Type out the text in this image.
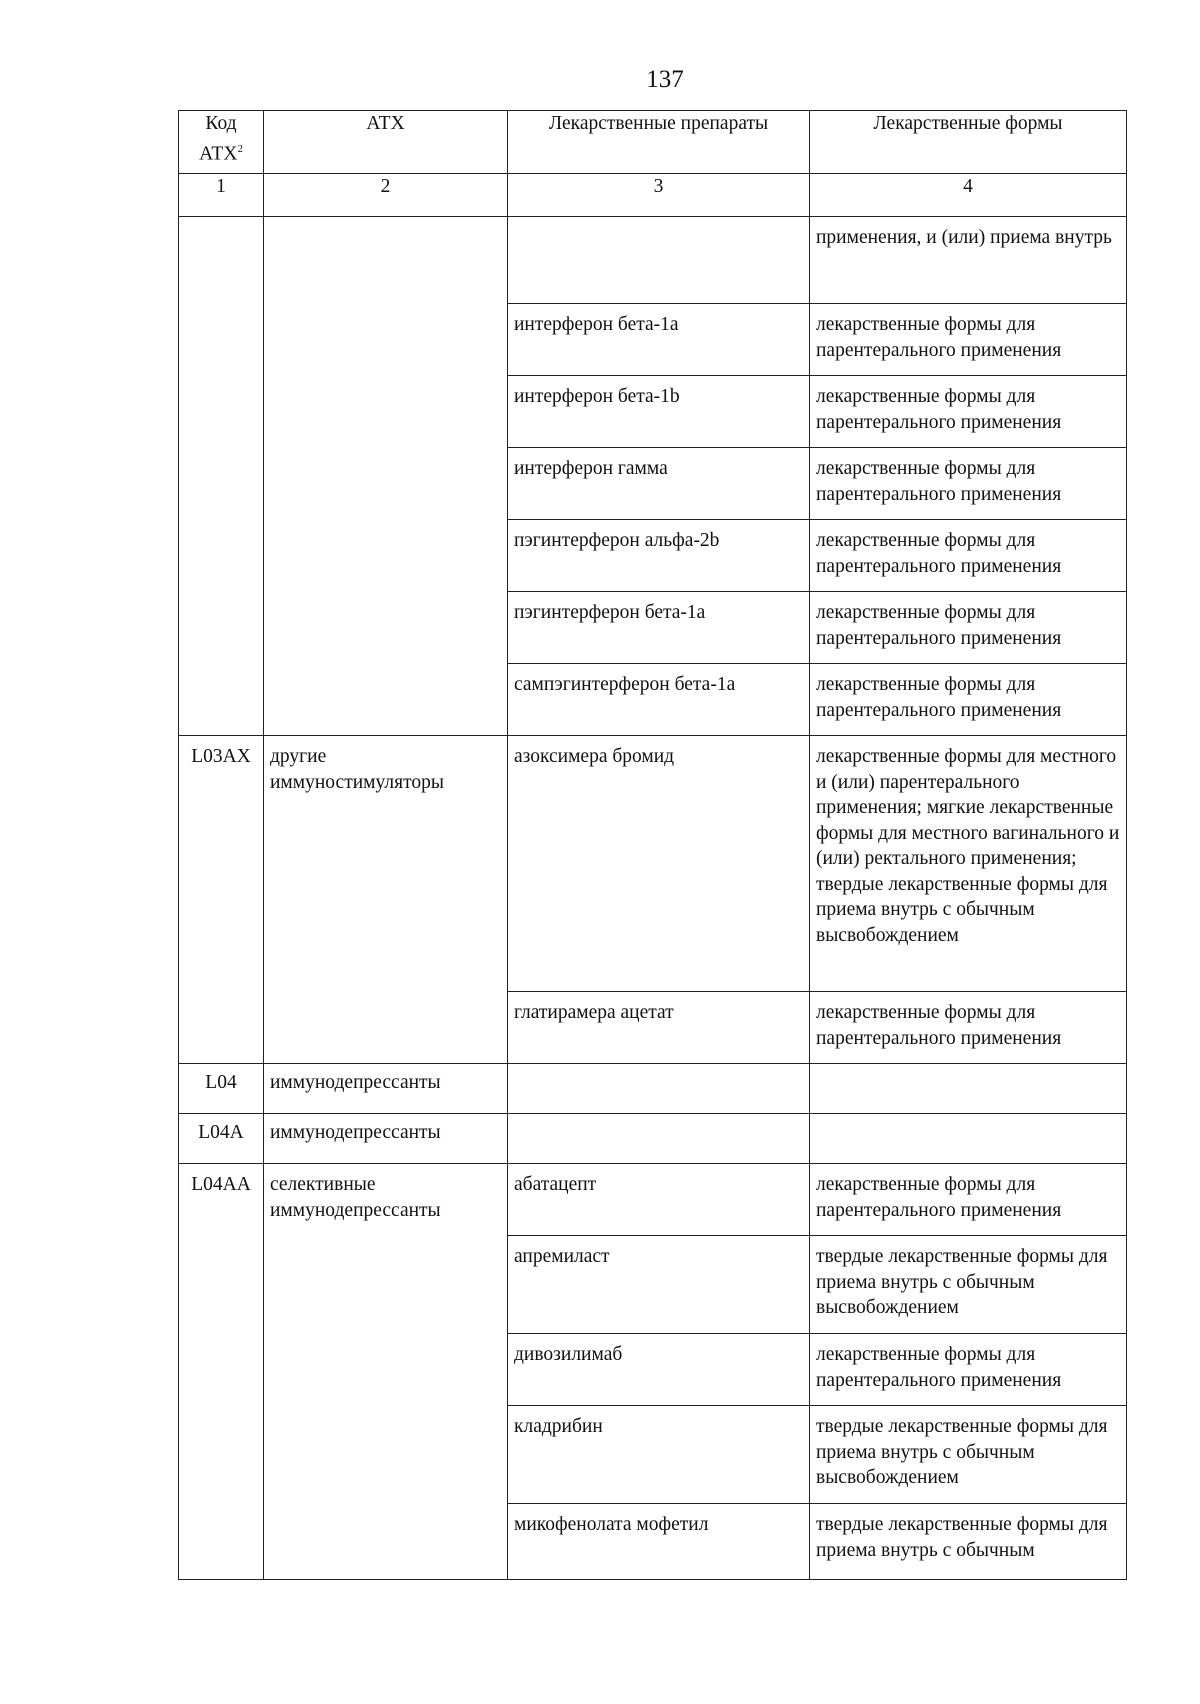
137
Код АТХ$^2$	АТХ	Лекарственные препараты	Лекарственные формы
1	2	3	4
			применения, и (или) приема внутрь
		интерферон бета-1a	лекарственные формы для парентерального применения
		интерферон бета-1b	лекарственные формы для парентерального применения
		интерферон гамма	лекарственные формы для парентерального применения
		пэгинтерферон альфа-2b	лекарственные формы для парентерального применения
		пэгинтерферон бета-1a	лекарственные формы для парентерального применения
		сампэгинтерферон бета-1a	лекарственные формы для парентерального применения
L03AX	другие иммуностимуляторы	азоксимера бромид	лекарственные формы для местного и (или) парентерального применения; мягкие лекарственные формы для местного вагинального и (или) ректального применения; твердые лекарственные формы для приема внутрь с обычным высвобождением
		глатирамера ацетат	лекарственные формы для парентерального применения
L04	иммунодепрессанты		
L04A	иммунодепрессанты		
L04AA	селективные иммунодепрессанты	абатацепт	лекарственные формы для парентерального применения
		апремиласт	твердые лекарственные формы для приема внутрь с обычным высвобождением
		дивозилимаб	лекарственные формы для парентерального применения
		кладрибин	твердые лекарственные формы для приема внутрь с обычным высвобождением
		микофенолата мофетил	твердые лекарственные формы для приема внутрь с обычным
